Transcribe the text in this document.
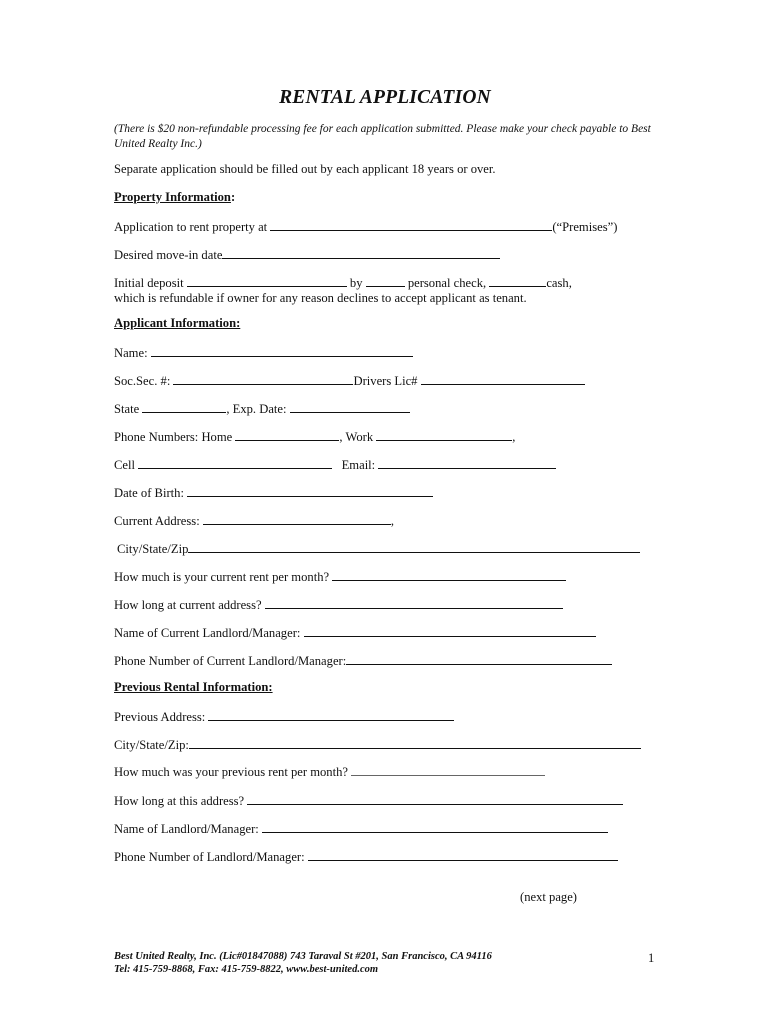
RENTAL APPLICATION
(There is $20 non-refundable processing fee for each application submitted. Please make your check payable to Best United Realty Inc.)
Separate application should be filled out by each applicant 18 years or over.
Property Information:
Application to rent property at	(“Premises”)
Desired move-in date
Initial deposit	by	personal check,	cash,
which is refundable if owner for any reason declines to accept applicant as tenant.
Applicant Information:
Name:
Soc.Sec. #:	Drivers Lic#
State	, Exp. Date:
Phone Numbers: Home	, Work	,
Cell	Email:
Date of Birth:
Current Address:	,
City/State/Zip
How much is your current rent per month?
How long at current address?
Name of Current Landlord/Manager:
Phone Number of Current Landlord/Manager:
Previous Rental Information:
Previous Address:
City/State/Zip:
How much was your previous rent per month?
How long at this address?
Name of Landlord/Manager:
Phone Number of Landlord/Manager:
(next page)
Best United Realty, Inc. (Lic#01847088) 743 Taraval St #201, San Francisco, CA 94116
Tel: 415-759-8868, Fax: 415-759-8822, www.best-united.com
1
